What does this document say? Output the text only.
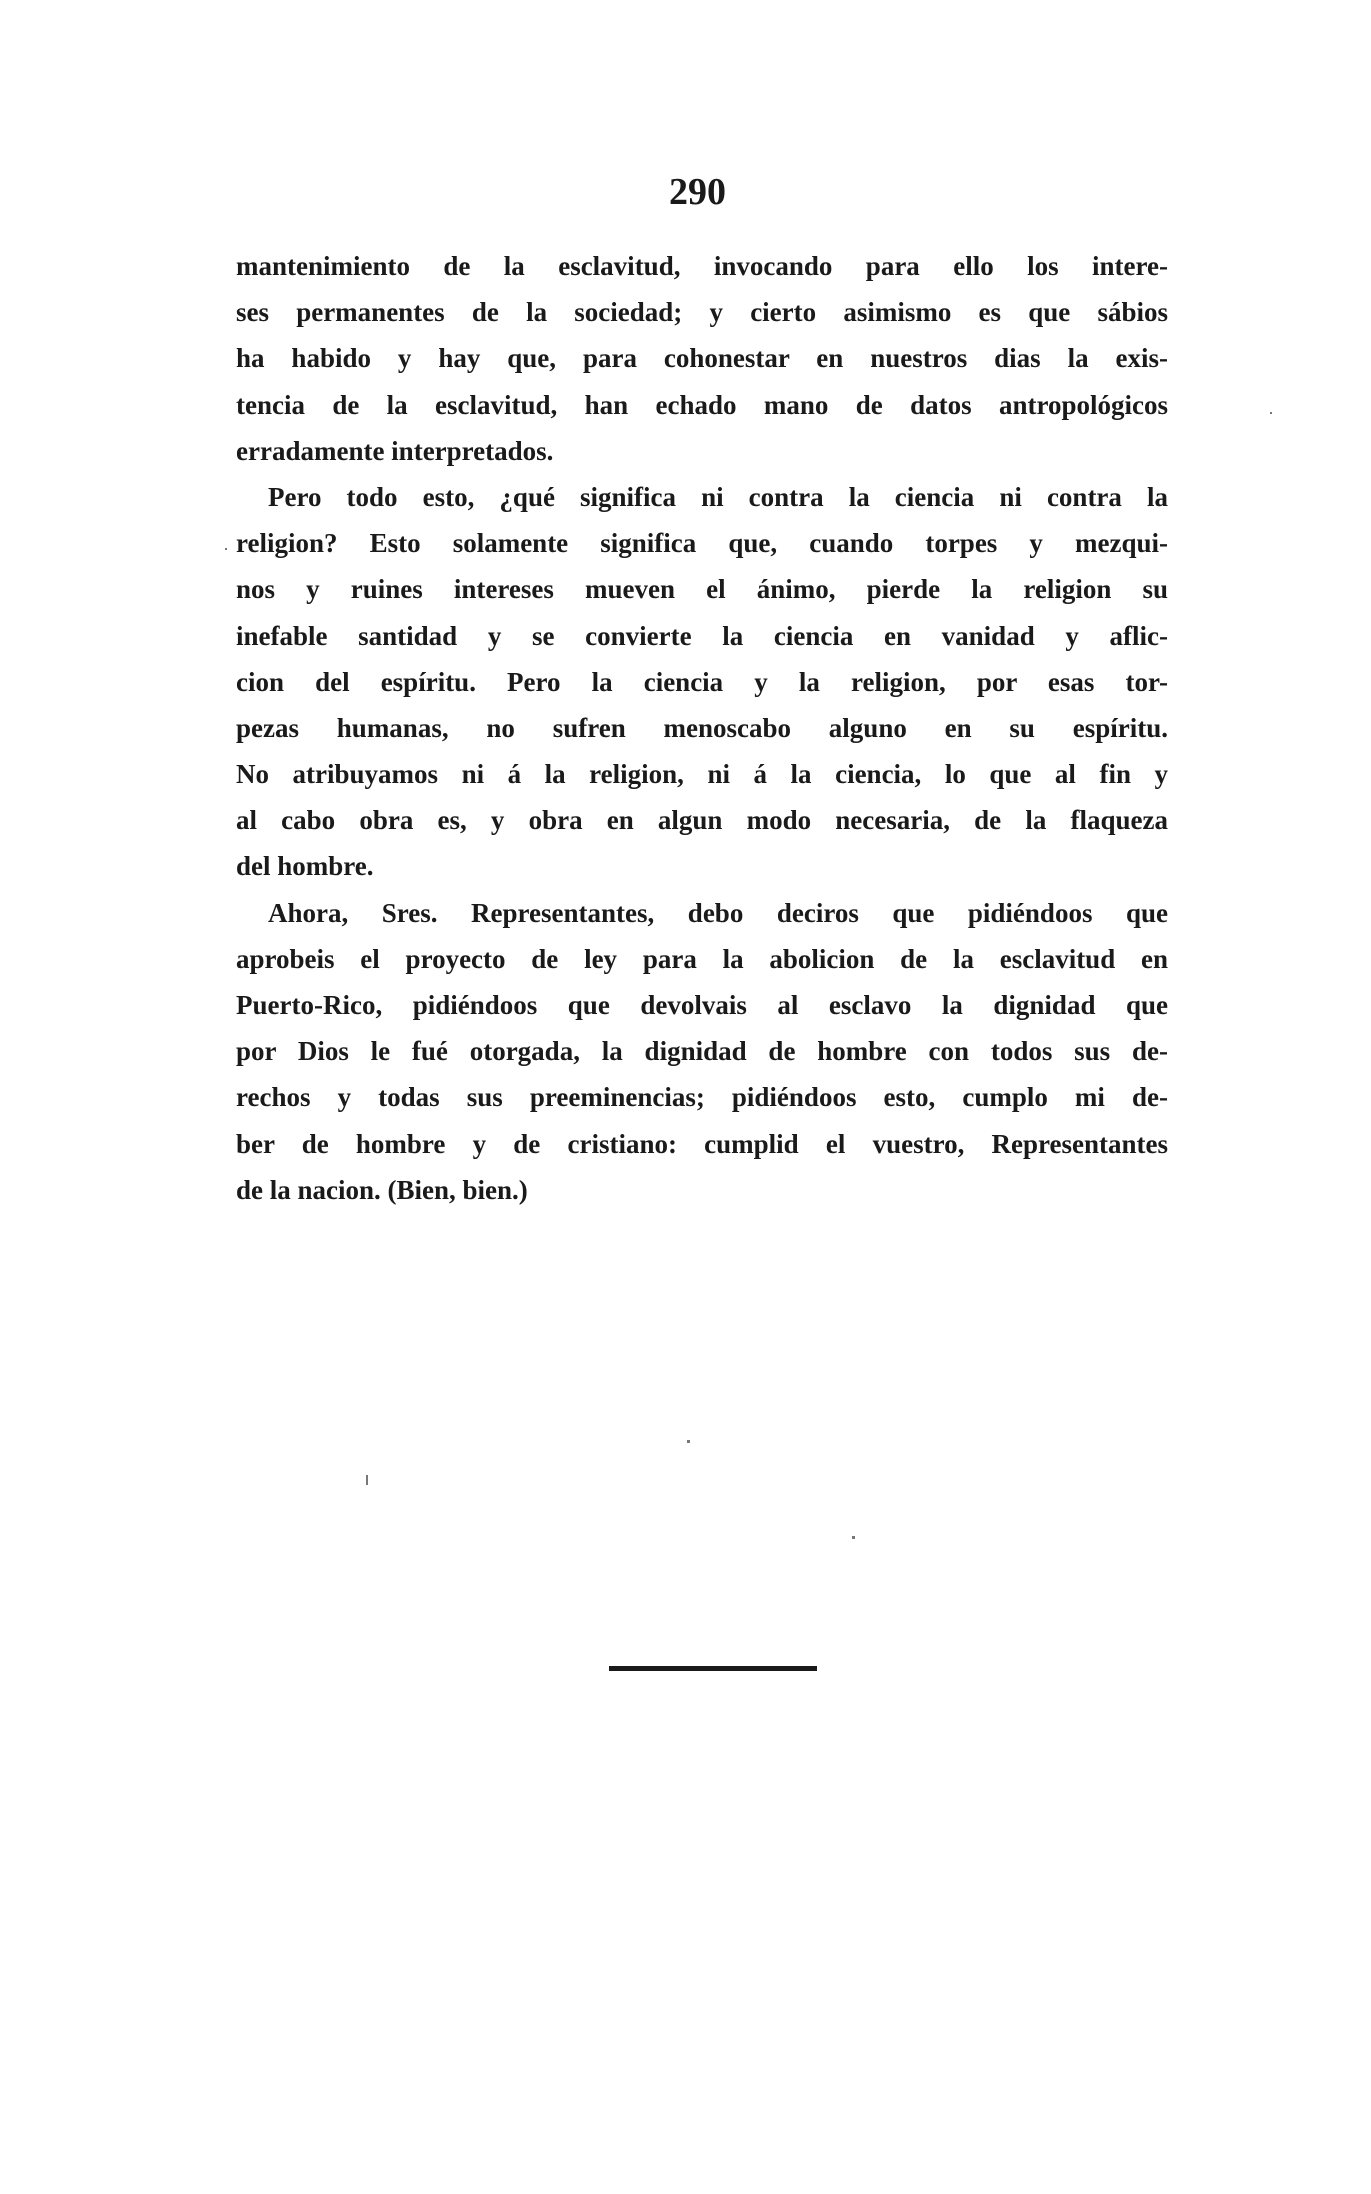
290
mantenimiento de la esclavitud, invocando para ello los intere-
ses permanentes de la sociedad; y cierto asimismo es que sábios
ha habido y hay que, para cohonestar en nuestros dias la exis-
tencia de la esclavitud, han echado mano de datos antropológicos
erradamente interpretados.
Pero todo esto, ¿qué significa ni contra la ciencia ni contra la
religion? Esto solamente significa que, cuando torpes y mezqui-
nos y ruines intereses mueven el ánimo, pierde la religion su
inefable santidad y se convierte la ciencia en vanidad y aflic-
cion del espíritu. Pero la ciencia y la religion, por esas tor-
pezas humanas, no sufren menoscabo alguno en su espíritu.
No atribuyamos ni á la religion, ni á la ciencia, lo que al fin y
al cabo obra es, y obra en algun modo necesaria, de la flaqueza
del hombre.
Ahora, Sres. Representantes, debo deciros que pidiéndoos que
aprobeis el proyecto de ley para la abolicion de la esclavitud en
Puerto-Rico, pidiéndoos que devolvais al esclavo la dignidad que
por Dios le fué otorgada, la dignidad de hombre con todos sus de-
rechos y todas sus preeminencias; pidiéndoos esto, cumplo mi de-
ber de hombre y de cristiano: cumplid el vuestro, Representantes
de la nacion. (Bien, bien.)
